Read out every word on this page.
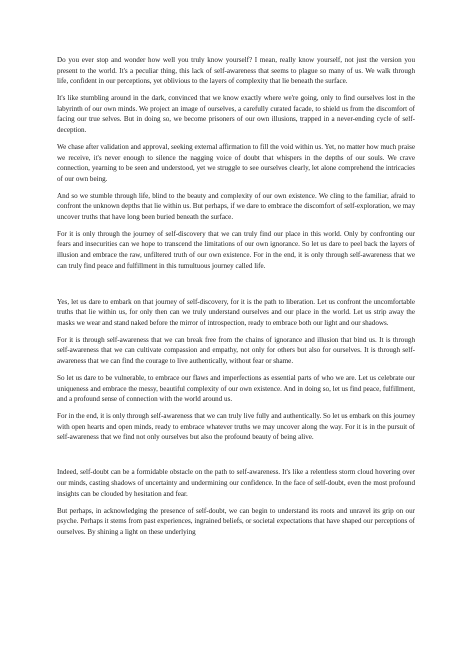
Do you ever stop and wonder how well you truly know yourself? I mean, really know yourself, not just the version you present to the world. It's a peculiar thing, this lack of self-awareness that seems to plague so many of us. We walk through life, confident in our perceptions, yet oblivious to the layers of complexity that lie beneath the surface.

It's like stumbling around in the dark, convinced that we know exactly where we're going, only to find ourselves lost in the labyrinth of our own minds. We project an image of ourselves, a carefully curated facade, to shield us from the discomfort of facing our true selves. But in doing so, we become prisoners of our own illusions, trapped in a never-ending cycle of self-deception.

We chase after validation and approval, seeking external affirmation to fill the void within us. Yet, no matter how much praise we receive, it's never enough to silence the nagging voice of doubt that whispers in the depths of our souls. We crave connection, yearning to be seen and understood, yet we struggle to see ourselves clearly, let alone comprehend the intricacies of our own being.

And so we stumble through life, blind to the beauty and complexity of our own existence. We cling to the familiar, afraid to confront the unknown depths that lie within us. But perhaps, if we dare to embrace the discomfort of self-exploration, we may uncover truths that have long been buried beneath the surface.

For it is only through the journey of self-discovery that we can truly find our place in this world. Only by confronting our fears and insecurities can we hope to transcend the limitations of our own ignorance. So let us dare to peel back the layers of illusion and embrace the raw, unfiltered truth of our own existence. For in the end, it is only through self-awareness that we can truly find peace and fulfillment in this tumultuous journey called life.

Yes, let us dare to embark on that journey of self-discovery, for it is the path to liberation. Let us confront the uncomfortable truths that lie within us, for only then can we truly understand ourselves and our place in the world. Let us strip away the masks we wear and stand naked before the mirror of introspection, ready to embrace both our light and our shadows.

For it is through self-awareness that we can break free from the chains of ignorance and illusion that bind us. It is through self-awareness that we can cultivate compassion and empathy, not only for others but also for ourselves. It is through self-awareness that we can find the courage to live authentically, without fear or shame.

So let us dare to be vulnerable, to embrace our flaws and imperfections as essential parts of who we are. Let us celebrate our uniqueness and embrace the messy, beautiful complexity of our own existence. And in doing so, let us find peace, fulfillment, and a profound sense of connection with the world around us.

For in the end, it is only through self-awareness that we can truly live fully and authentically. So let us embark on this journey with open hearts and open minds, ready to embrace whatever truths we may uncover along the way. For it is in the pursuit of self-awareness that we find not only ourselves but also the profound beauty of being alive.

Indeed, self-doubt can be a formidable obstacle on the path to self-awareness. It's like a relentless storm cloud hovering over our minds, casting shadows of uncertainty and undermining our confidence. In the face of self-doubt, even the most profound insights can be clouded by hesitation and fear.

But perhaps, in acknowledging the presence of self-doubt, we can begin to understand its roots and unravel its grip on our psyche. Perhaps it stems from past experiences, ingrained beliefs, or societal expectations that have shaped our perceptions of ourselves. By shining a light on these underlying
